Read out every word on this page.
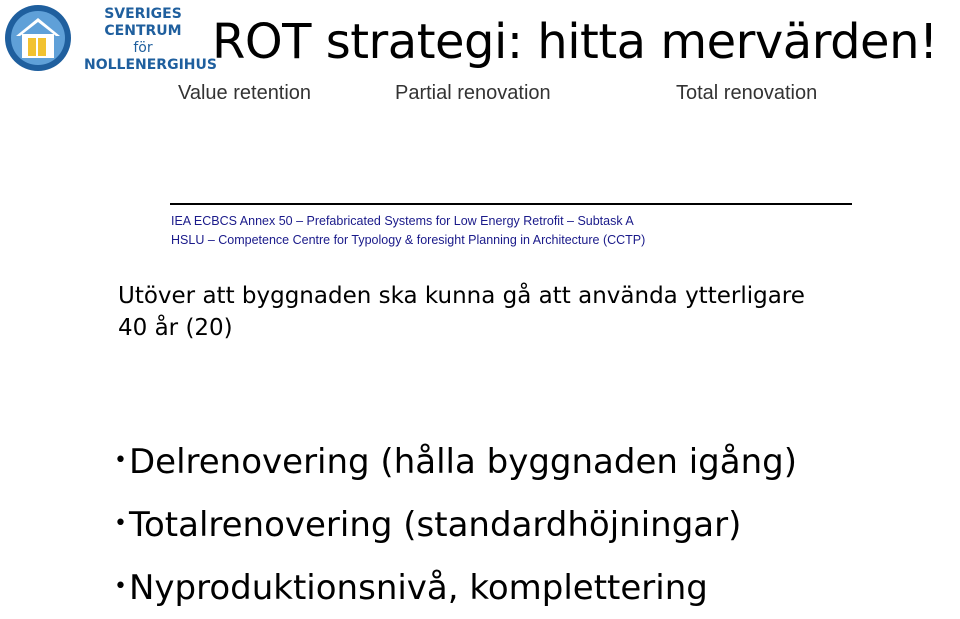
SVERIGES CENTRUM
för
NOLLENERGIHUS
ROT strategi: hitta mervärden!
Value retention	Partial renovation	Total renovation
IEA ECBCS Annex 50 – Prefabricated Systems for Low Energy Retrofit – Subtask A
HSLU – Competence Centre for Typology & foresight Planning in Architecture (CCTP)
Utöver att byggnaden ska kunna gå att använda ytterligare
40 år (20)
•Delrenovering (hålla byggnaden igång)
•Totalrenovering (standardhöjningar)
•Nyproduktionsnivå, komplettering
